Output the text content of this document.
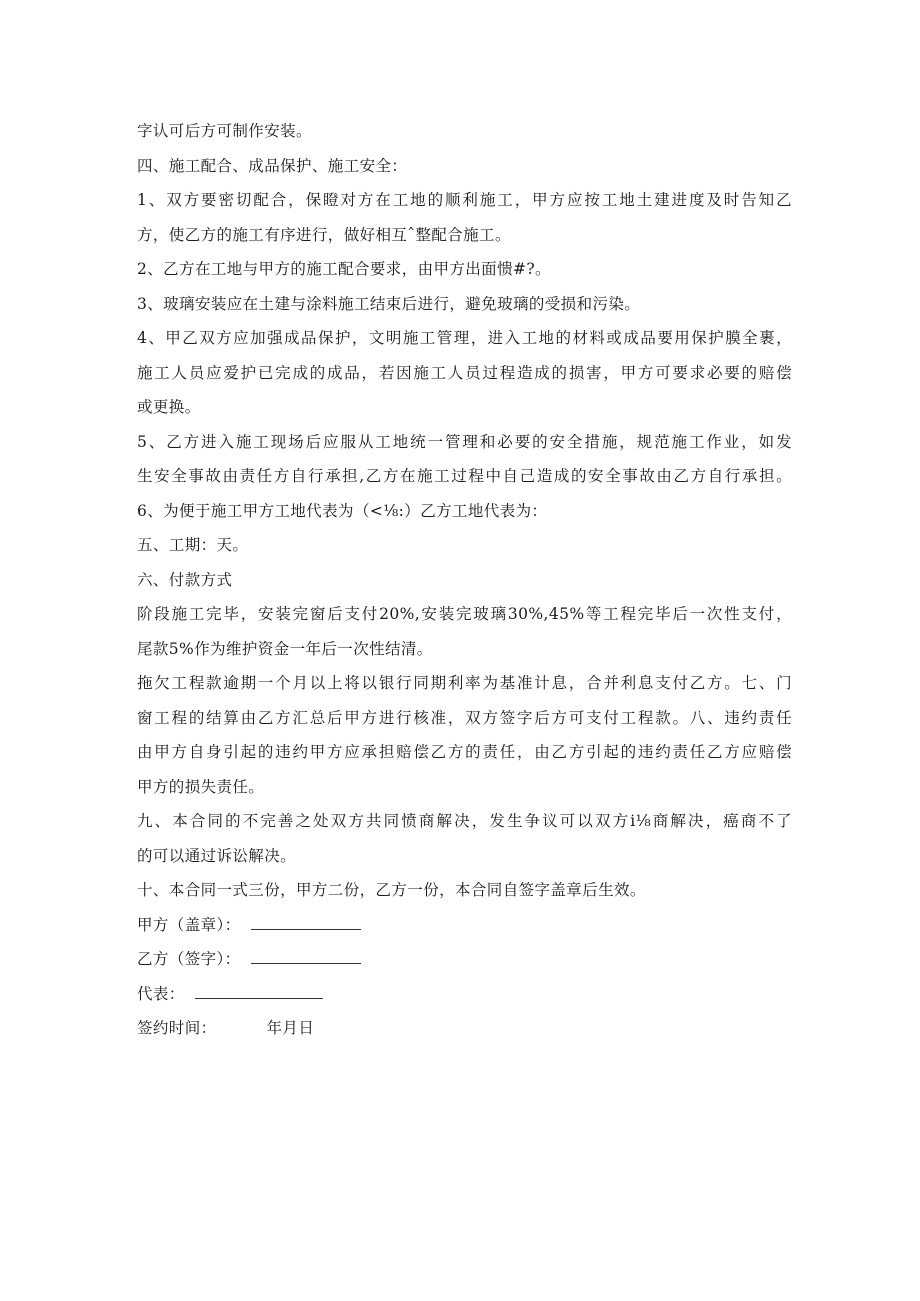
字认可后方可制作安装。
四、施工配合、成品保护、施工安全：
1、双方要密切配合，保瞪对方在工地的顺利施工，甲方应按工地土建进度及时告知乙
方，使乙方的施工有序进行，做好相互ˆ整配合施工。
2、乙方在工地与甲方的施工配合要求，由甲方出面愦#?。
3、玻璃安装应在土建与涂料施工结束后进行，避免玻璃的受损和污染。
4、甲乙双方应加强成品保护，文明施工管理，进入工地的材料或成品要用保护膜全裹，
施工人员应爱护已完成的成品，若因施工人员过程造成的损害，甲方可要求必要的赔偿
或更换。
5、乙方进入施工现场后应服从工地统一管理和必要的安全措施，规范施工作业，如发
生安全事故由责任方自行承担,乙方在施工过程中自己造成的安全事故由乙方自行承担。
6、为便于施工甲方工地代表为（<⅛:）乙方工地代表为：
五、工期：天。
六、付款方式
阶段施工完毕，安装完窗后支付20%,安装完玻璃30%,45%等工程完毕后一次性支付，
尾款5%作为维护资金一年后一次性结清。
拖欠工程款逾期一个月以上将以银行同期利率为基准计息，合并利息支付乙方。七、门
窗工程的结算由乙方汇总后甲方进行核准，双方签字后方可支付工程款。八、违约责任
由甲方自身引起的违约甲方应承担赔偿乙方的责任，由乙方引起的违约责任乙方应赔偿
甲方的损失责任。
九、本合同的不完善之处双方共同愤商解决，发生争议可以双方i⅛商解决，癌商不了
的可以通过诉讼解决。
十、本合同一式三份，甲方二份，乙方一份，本合同自签字盖章后生效。
甲方（盖章）：
乙方（签字）：
代表：
签约时间：	年月日
